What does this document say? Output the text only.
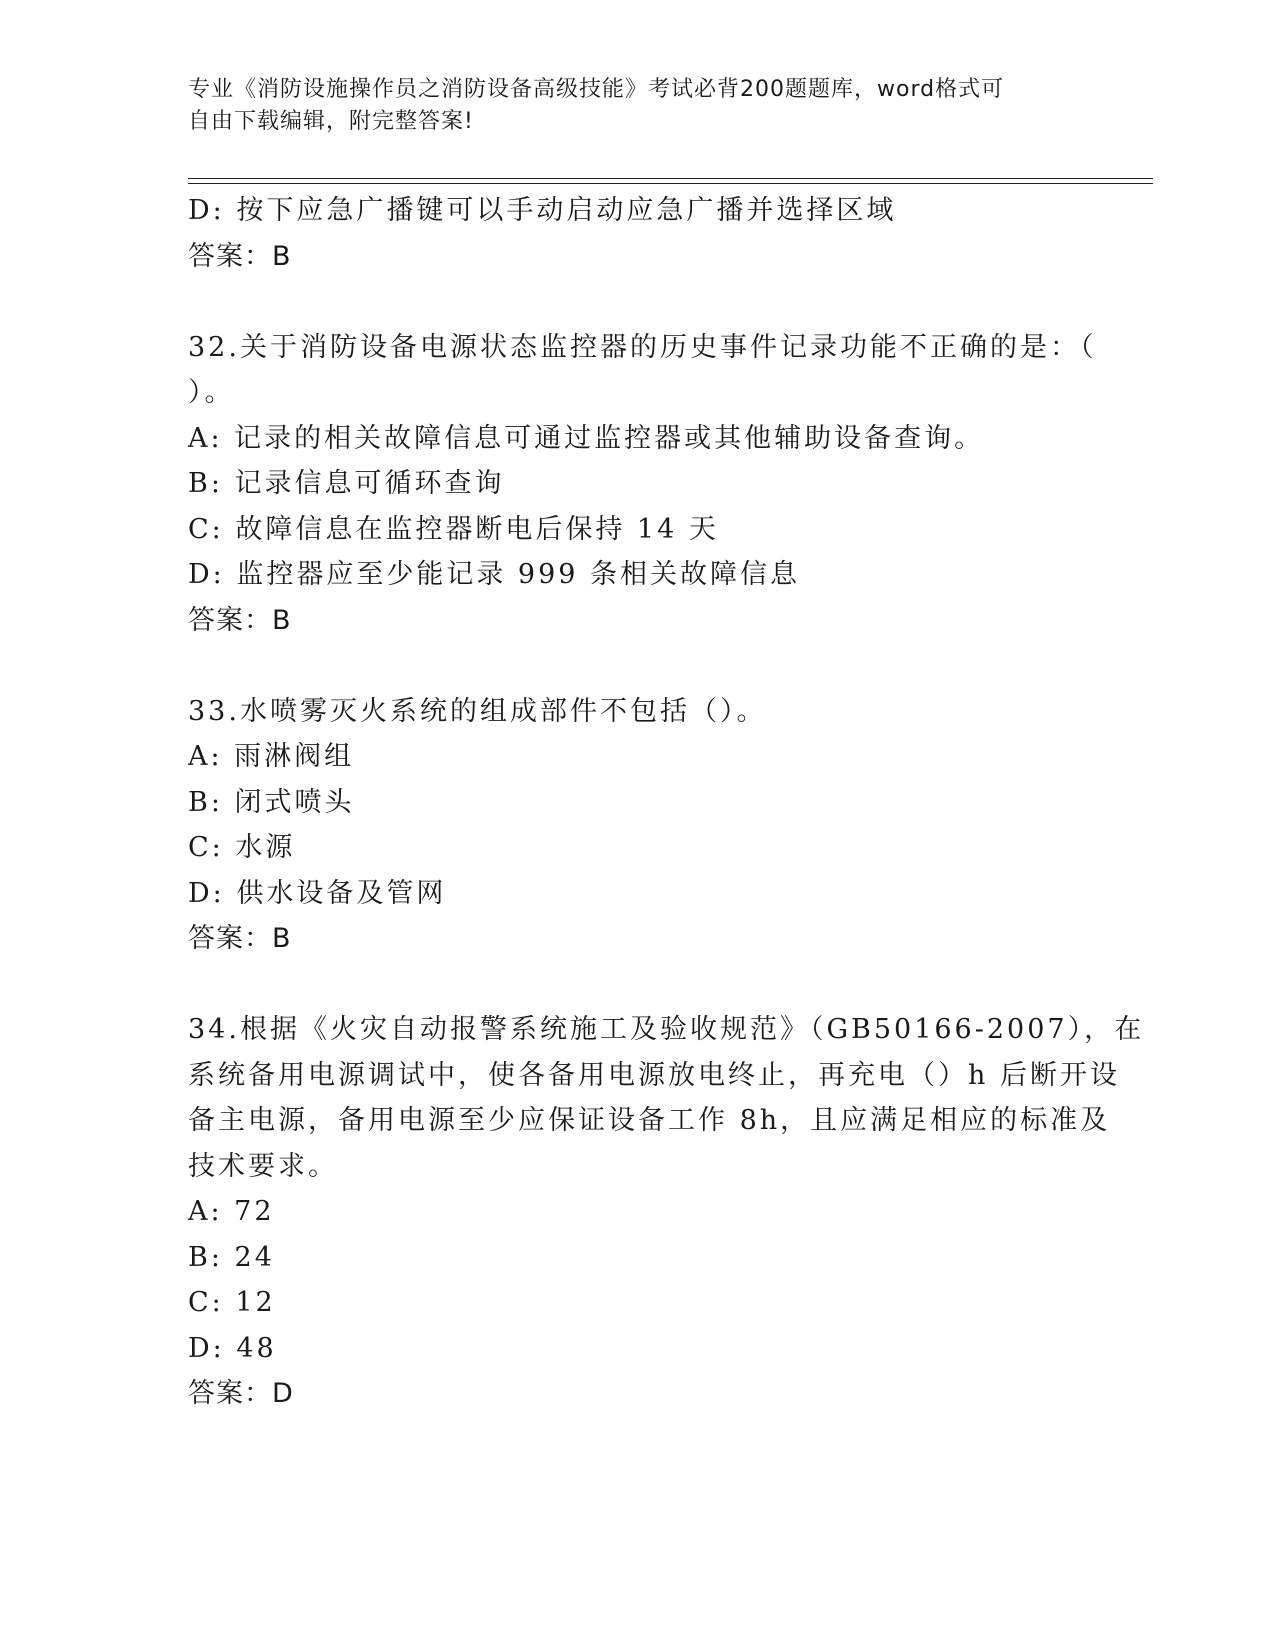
专业《消防设施操作员之消防设备高级技能》考试必背200题题库，word格式可
自由下载编辑，附完整答案!
D: 按下应急广播键可以手动启动应急广播并选择区域
答案：B
32.关于消防设备电源状态监控器的历史事件记录功能不正确的是：（
）。
A: 记录的相关故障信息可通过监控器或其他辅助设备查询。
B: 记录信息可循环查询
C: 故障信息在监控器断电后保持 14 天
D: 监控器应至少能记录 999 条相关故障信息
答案：B
33.水喷雾灭火系统的组成部件不包括（）。
A: 雨淋阀组
B: 闭式喷头
C: 水源
D: 供水设备及管网
答案：B
34.根据《火灾自动报警系统施工及验收规范》（GB50166-2007），在
系统备用电源调试中，使各备用电源放电终止，再充电（）h 后断开设
备主电源，备用电源至少应保证设备工作 8h，且应满足相应的标准及
技术要求。
A: 72
B: 24
C: 12
D: 48
答案：D
